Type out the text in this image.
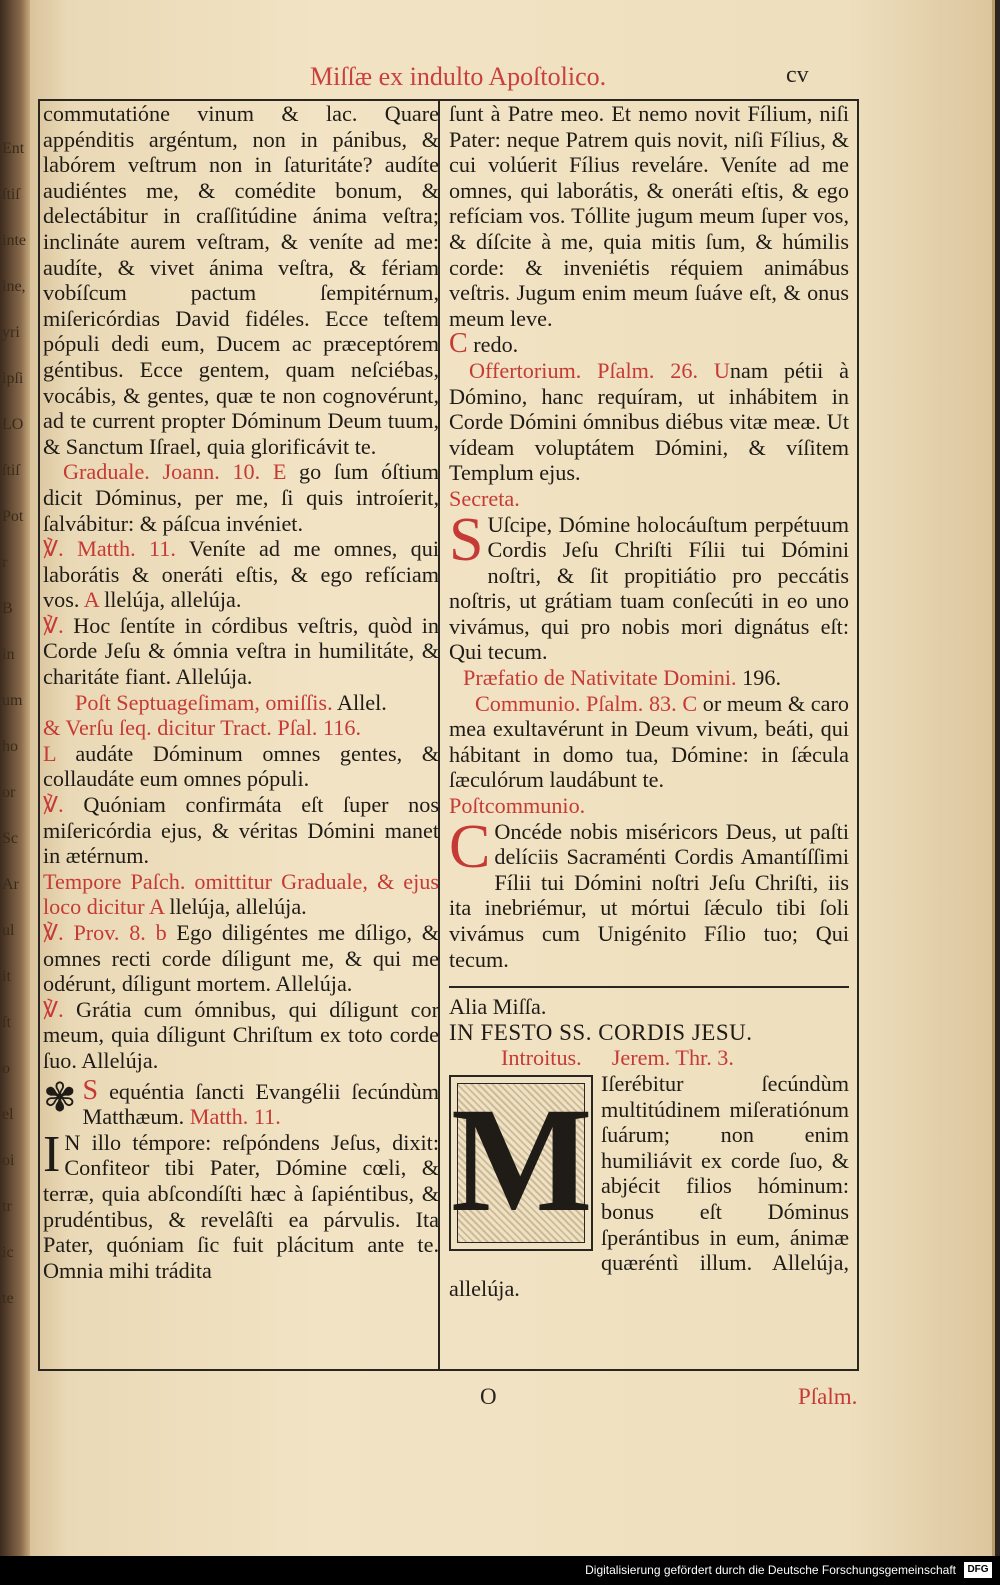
Ent
ſtiſ
inte
ine,
yri
ipſi
LO
ſtiſ
Pot
r
B
in
um
ho
or
Sc
Ar
ul
it
ſt
o
el
oi
tr
ic
te
Miſſæ ex indulto Apoſtolico.	cv

commutatióne vinum & lac. Quare appénditis argéntum, non in pánibus, & labórem veſtrum non in ſaturitáte? audíte audiéntes me, & comédite bonum, & delectábitur in craſſitúdine ánima veſtra; inclináte aurem veſtram, & veníte ad me: audíte, & vivet ánima veſtra, & fériam vobíſcum pactum ſempitérnum, miſericórdias David fidéles. Ecce teſtem pópuli dedi eum, Ducem ac præceptórem géntibus. Ecce gentem, quam neſciébas, vocábis, & gentes, quæ te non cognovérunt, ad te current propter Dóminum Deum tuum, & Sanctum Iſrael, quia glorificávit te.

Graduale. Joann. 10. E go ſum óſtium dicit Dóminus, per me, ſi quis introíerit, ſalvábitur: & páſcua invéniet.

℣. Matth. 11. Veníte ad me omnes, qui laborátis & oneráti eſtis, & ego refíciam vos. A llelúja, allelúja.

℣. Hoc ſentíte in córdibus veſtris, quòd in Corde Jeſu & ómnia veſtra in humilitáte, & charitáte fiant. Allelúja.

Poſt Septuageſimam, omiſſis. Allel.

& Verſu ſeq. dicitur Tract. Pſal. 116.

L audáte Dóminum omnes gentes, & collaudáte eum omnes pópuli.

℣. Quóniam confirmáta eſt ſuper nos miſericórdia ejus, & véritas Dómini manet in ætérnum.

Tempore Paſch. omittitur Graduale, & ejus loco dicitur A llelúja, allelúja.

℣. Prov. 8. b Ego diligéntes me díligo, & omnes recti corde díligunt me, & qui me odérunt, díligunt mortem. Allelúja.

℣. Grátia cum ómnibus, qui díligunt cor meum, quia díligunt Chriſtum ex toto corde ſuo. Allelúja.

✾ S equéntia ſancti Evangélii ſecúndùm Matthæum. Matth. 11.

I N illo témpore: reſpóndens Jeſus, dixit: Confiteor tibi Pater, Dómine cœli, & terræ, quia abſcondíſti hæc à ſapiéntibus, & prudéntibus, & revelâſti ea párvulis. Ita Pater, quóniam ſic fuit plácitum ante te. Omnia mihi trádita

ſunt à Patre meo. Et nemo novit Fílium, niſi Pater: neque Patrem quis novit, niſi Fílius, & cui volúerit Fílius reveláre. Veníte ad me omnes, qui laborátis, & oneráti eſtis, & ego refíciam vos. Tóllite jugum meum ſuper vos, & díſcite à me, quia mitis ſum, & húmilis corde: & inveniétis réquiem animábus veſtris. Jugum enim meum ſuáve eſt, & onus meum leve.

C redo.

Offertorium. Pſalm. 26. Unam pétii à Dómino, hanc requíram, ut inhábitem in Corde Dómini ómnibus diébus vitæ meæ. Ut vídeam voluptátem Dómini, & víſitem Templum ejus.

Secreta.

S Uſcipe, Dómine holocáuſtum perpétuum Cordis Jeſu Chriſti Fílii tui Dómini noſtri, & ſit propitiátio pro peccátis noſtris, ut grátiam tuam conſecúti in eo uno vivámus, qui pro nobis mori dignátus eſt: Qui tecum.

Præfatio de Nativitate Domini. 196.

Communio. Pſalm. 83. C or meum & caro mea exultavérunt in Deum vivum, beáti, qui hábitant in domo tua, Dómine: in ſǽcula ſæculórum laudábunt te.

Poſtcommunio.

C Oncéde nobis miséricors Deus, ut paſti delíciis Sacraménti Cordis Amantíſſimi Fílii tui Dómini noſtri Jeſu Chriſti, iis ita inebriémur, ut mórtui ſǽculo tibi ſoli vivámus cum Unigénito Fílio tuo; Qui tecum.

Alia Miſſa.

IN FESTO SS. CORDIS JESU.

Introitus. Jerem. Thr. 3.

M Iſerébitur ſecúndùm multitúdinem miſeratiónum ſuárum; non enim humiliávit ex corde ſuo, & abjécit filios hóminum: bonus eſt Dóminus ſperántibus in eum, ánimæ quæréntì illum. Allelúja, allelúja.

O	Pſalm.
Digitalisierung gefördert durch die Deutsche Forschungsgemeinschaft	DFG
